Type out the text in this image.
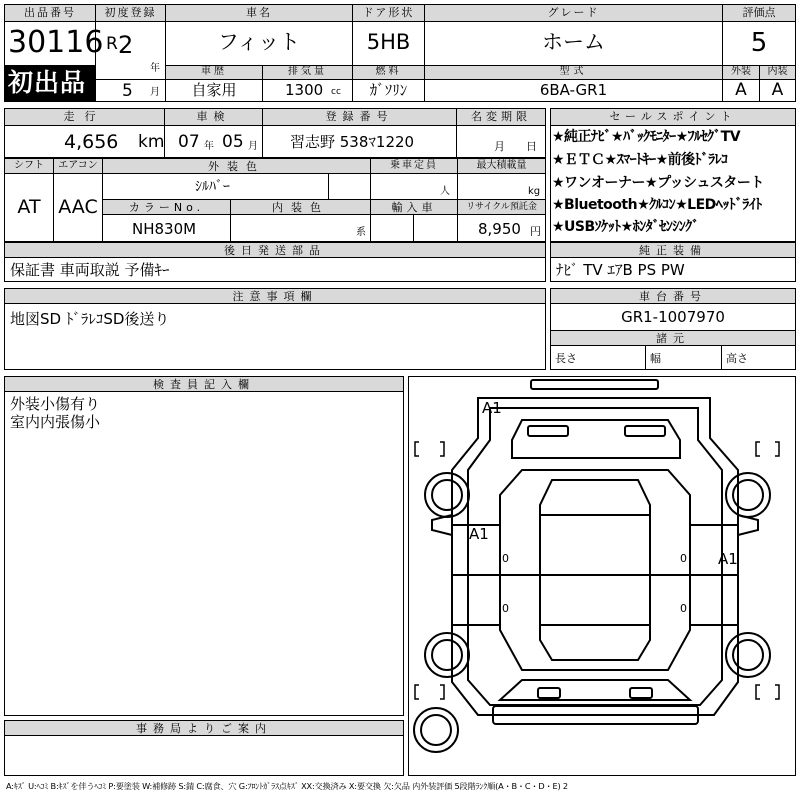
出品番号
30116
初出品
初度登録
R 2
年
5 月
車名
フィット
ドア形状
5HB
グレード
ホーム
評価点
5
車歴	排気量	燃料	型式	外装	内装
自家用	1300 cc	ｶﾞｿﾘﾝ	6BA-GR1	A	A
走行
4,656 km
車検
07 年 05 月
登録番号
習志野 538ﾏ1220
名変期限
月 日
シフト
AT
エアコン
AAC
外装色
ｼﾙﾊﾞｰ
乗車定員
人
最大積載量
kg
カラーNo.
NH830M
内装色
系
輸入車	リサイクル預託金
8,950 円
セールスポイント
★純正ﾅﾋﾞ★ﾊﾞｯｸﾓﾆﾀｰ★ﾌﾙｾｸﾞTV
★ＥＴＣ★ｽﾏｰﾄｷｰ★前後ﾄﾞﾗﾚｺ
★ワンオーナー★プッシュスタート
★Bluetooth★ｸﾙｺﾝ★LEDﾍｯﾄﾞﾗｲﾄ
★USBｿｹｯﾄ★ﾎﾝﾀﾞｾﾝｼﾝｸﾞ
後日発送部品
保証書 車両取説 予備ｷｰ
純正装備
ﾅﾋﾞ TV ｴｱB PS PW
注意事項欄
地図SD ﾄﾞﾗﾚｺSD後送り
車台番号
GR1-1007970
諸元
長さ	幅	高さ
検査員記入欄
外装小傷有り
室内内張傷小
事務局よりご案内
0	0
0	0
A1
A1
A1
A:ｷｽﾞ U:ﾍｺﾐ B:ｷｽﾞを伴うﾍｺﾐ P:要塗装 W:補修跡 S:錆 C:腐食、穴 G:ﾌﾛﾝﾄｶﾞﾗｽ点ｷｽﾞ XX:交換済み X:要交換 欠:欠品 内外装評価 5段階ﾗﾝｸ順(A・B・C・D・E) 2
